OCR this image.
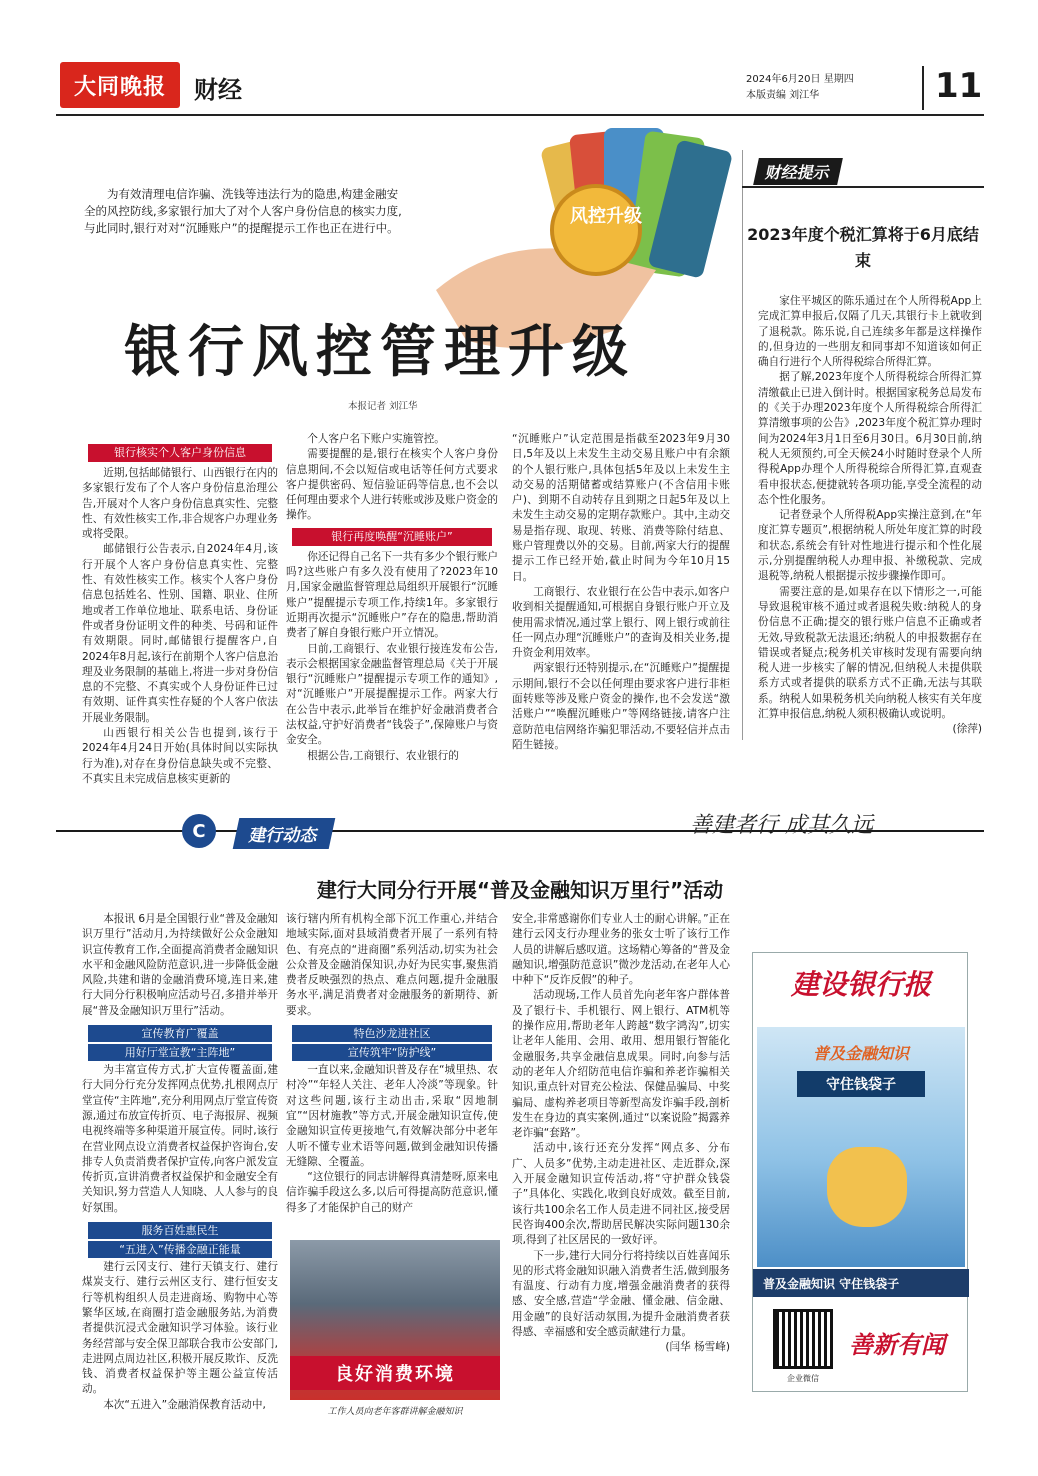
大同晚报	财经	2024年6月20日 星期四
本版责编 刘江华	11
风控升级
为有效清理电信诈骗、洗钱等违法行为的隐患,构建金融安全的风控防线,多家银行加大了对个人客户身份信息的核实力度,与此同时,银行对对“沉睡账户”的提醒提示工作也正在进行中。
银行风控管理升级
本报记者 刘江华
银行核实个人客户身份信息

近期,包括邮储银行、山西银行在内的多家银行发布了个人客户身份信息治理公告,开展对个人客户身份信息真实性、完整性、有效性核实工作,非合规客户办理业务或将受限。

邮储银行公告表示,自2024年4月,该行开展个人客户身份信息真实性、完整性、有效性核实工作。核实个人客户身份信息包括姓名、性别、国籍、职业、住所地或者工作单位地址、联系电话、身份证件或者身份证明文件的种类、号码和证件有效期限。同时,邮储银行提醒客户,自2024年8月起,该行在前期个人客户信息治理及业务限制的基础上,将进一步对身份信息的不完整、不真实或个人身份证件已过有效期、证件真实性存疑的个人客户依法开展业务限制。

山西银行相关公告也提到,该行于2024年4月24日开始(具体时间以实际执行为准),对存在身份信息缺失或不完整、不真实且未完成信息核实更新的

个人客户名下账户实施管控。

需要提醒的是,银行在核实个人客户身份信息期间,不会以短信或电话等任何方式要求客户提供密码、短信验证码等信息,也不会以任何理由要求个人进行转账或涉及账户资金的操作。

银行再度唤醒“沉睡账户”

你还记得自己名下一共有多少个银行账户吗?这些账户有多久没有使用了?2023年10月,国家金融监督管理总局组织开展银行“沉睡账户”提醒提示专项工作,持续1年。多家银行近期再次提示“沉睡账户”存在的隐患,帮助消费者了解自身银行账户开立情况。

日前,工商银行、农业银行接连发布公告,表示会根据国家金融监督管理总局《关于开展银行“沉睡账户”提醒提示专项工作的通知》,对“沉睡账户”开展提醒提示工作。两家大行在公告中表示,此举旨在维护好金融消费者合法权益,守护好消费者“钱袋子”,保障账户与资金安全。

根据公告,工商银行、农业银行的

“沉睡账户”认定范围是指截至2023年9月30日,5年及以上未发生主动交易且账户中有余额的个人银行账户,具体包括5年及以上未发生主动交易的活期储蓄或结算账户(不含信用卡账户)、到期不自动转存且到期之日起5年及以上未发生主动交易的定期存款账户。其中,主动交易是指存现、取现、转账、消费等除付结息、账户管理费以外的交易。目前,两家大行的提醒提示工作已经开始,截止时间为今年10月15日。

工商银行、农业银行在公告中表示,如客户收到相关提醒通知,可根据自身银行账户开立及使用需求情况,通过掌上银行、网上银行或前往任一网点办理“沉睡账户”的查询及相关业务,提升资金利用效率。

两家银行还特别提示,在“沉睡账户”提醒提示期间,银行不会以任何理由要求客户进行非柜面转账等涉及账户资金的操作,也不会发送“激活账户”“唤醒沉睡账户”等网络链接,请客户注意防范电信网络诈骗犯罪活动,不要轻信并点击陌生链接。

财经提示
2023年度个税汇算将于6月底结束

家住平城区的陈乐通过在个人所得税App上完成汇算申报后,仅隔了几天,其银行卡上就收到了退税款。陈乐说,自己连续多年都是这样操作的,但身边的一些朋友和同事却不知道该如何正确自行进行个人所得税综合所得汇算。

据了解,2023年度个人所得税综合所得汇算清缴截止已进入倒计时。根据国家税务总局发布的《关于办理2023年度个人所得税综合所得汇算清缴事项的公告》,2023年度个税汇算办理时间为2024年3月1日至6月30日。6月30日前,纳税人无须预约,可全天候24小时随时登录个人所得税App办理个人所得税综合所得汇算,直观查看申报状态,便捷就转各项功能,享受全流程的动态个性化服务。

记者登录个人所得税App实操注意到,在“年度汇算专题页”,根据纳税人所处年度汇算的时段和状态,系统会有针对性地进行提示和个性化展示,分别提醒纳税人办理申报、补缴税款、完成退税等,纳税人根据提示按步骤操作即可。

需要注意的是,如果存在以下情形之一,可能导致退税审核不通过或者退税失败:纳税人的身份信息不正确;提交的银行账户信息不正确或者无效,导致税款无法退还;纳税人的申报数据存在错误或者疑点;税务机关审核时发现有需要向纳税人进一步核实了解的情况,但纳税人未提供联系方式或者提供的联系方式不正确,无法与其联系。纳税人如果税务机关向纳税人核实有关年度汇算申报信息,纳税人须积极确认或说明。

(徐萍)
C	建行动态	善建者行 成其久远
建行大同分行开展“普及金融知识万里行”活动

本报讯 6月是全国银行业“普及金融知识万里行”活动月,为持续做好公众金融知识宣传教育工作,全面提高消费者金融知识水平和金融风险防范意识,进一步降低金融风险,共建和谐的金融消费环境,连日来,建行大同分行积极响应活动号召,多措并举开展“普及金融知识万里行”活动。

宣传教育广覆盖
用好厅堂宣教“主阵地”

为丰富宣传方式,扩大宣传覆盖面,建行大同分行充分发挥网点优势,扎根网点厅堂宣传“主阵地”,充分利用网点厅堂宣传资源,通过布放宣传折页、电子海报屏、视频电视终端等多种渠道开展宣传。同时,该行在营业网点设立消费者权益保护咨询台,安排专人负责消费者保护宣传,向客户派发宣传折页,宣讲消费者权益保护和金融安全有关知识,努力营造人人知晓、人人参与的良好氛围。

服务百姓惠民生
“五进入”传播金融正能量

建行云冈支行、建行天镇支行、建行煤炭支行、建行云州区支行、建行恒安支行等机构组织人员走进商场、购物中心等繁华区域,在商圈打造金融服务站,为消费者提供沉浸式金融知识学习体验。该行业务经营部与安全保卫部联合我市公安部门,走进网点周边社区,积极开展反欺诈、反洗钱、消费者权益保护等主题公益宣传活动。

本次“五进入”金融消保教育活动中,

该行辖内所有机构全部下沉工作重心,并结合地域实际,面对县域消费者开展了一系列有特色、有亮点的“进商圈”系列活动,切实为社会公众普及金融消保知识,办好为民实事,聚焦消费者反映强烈的热点、难点问题,提升金融服务水平,满足消费者对金融服务的新期待、新要求。

特色沙龙进社区
宣传筑牢“防护线”

一直以来,金融知识普及存在“城里热、农村冷”“年轻人关注、老年人冷淡”等现象。针对这些问题,该行主动出击,采取“因地制宜”“因材施教”等方式,开展金融知识宣传,使金融知识宣传更接地气,有效解决部分中老年人听不懂专业术语等问题,做到金融知识传播无缝隙、全覆盖。

“这位银行的同志讲解得真清楚呀,原来电信诈骗手段这么多,以后可得提高防范意识,懂得多了才能保护自己的财产

良好消费环境
工作人员向老年客群讲解金融知识

安全,非常感谢你们专业人士的耐心讲解。”正在建行云冈支行办理业务的张女士听了该行工作人员的讲解后感叹道。这场精心筹备的“普及金融知识,增强防范意识”微沙龙活动,在老年人心中种下“反诈反假”的种子。

活动现场,工作人员首先向老年客户群体普及了银行卡、手机银行、网上银行、ATM机等的操作应用,帮助老年人跨越“数字鸿沟”,切实让老年人能用、会用、敢用、想用银行智能化金融服务,共享金融信息成果。同时,向参与活动的老年人介绍防范电信诈骗和养老诈骗相关知识,重点针对冒充公检法、保健品骗局、中奖骗局、虚构养老项目等新型高发诈骗手段,剖析发生在身边的真实案例,通过“以案说险”揭露养老诈骗“套路”。

活动中,该行还充分发挥“网点多、分布广、人员多”优势,主动走进社区、走近群众,深入开展金融知识宣传活动,将“守护群众钱袋子”具体化、实践化,收到良好成效。截至目前,该行共100余名工作人员走进不同社区,接受居民咨询400余次,帮助居民解决实际问题130余项,得到了社区居民的一致好评。

下一步,建行大同分行将持续以百姓喜闻乐见的形式将金融知识融入消费者生活,做到服务有温度、行动有力度,增强金融消费者的获得感、安全感,营造“学金融、懂金融、信金融、用金融”的良好活动氛围,为提升金融消费者获得感、幸福感和安全感贡献建行力量。

(闫华 杨雪峰)
建设银行报
普及金融知识
守住钱袋子
普及金融知识 守住钱袋子
企业微信
善新有闻
